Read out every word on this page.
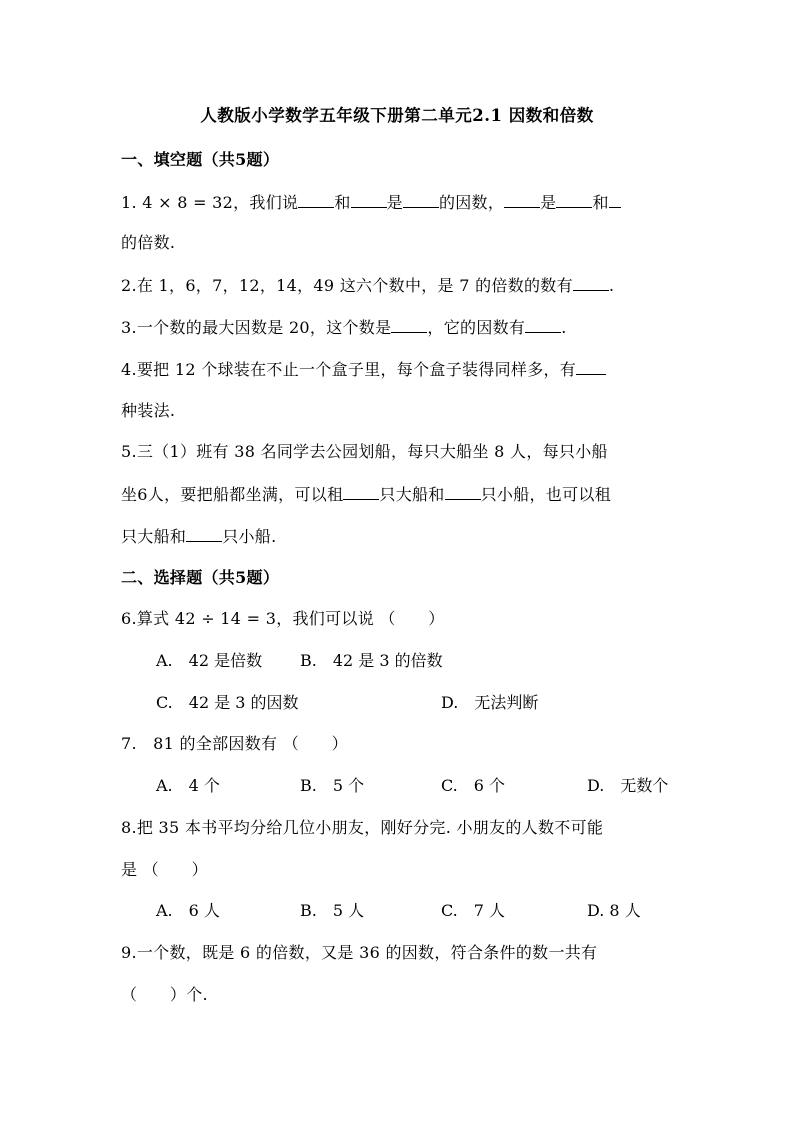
人教版小学数学五年级下册第二单元2.1 因数和倍数
一、填空题（共5题）
1. 4 × 8 = 32，我们说 和 是 的因数， 是 和
的倍数.
2.在 1，6，7，12，14，49 这六个数中，是 7 的倍数的数有 .
3.一个数的最大因数是 20，这个数是 ，它的因数有 .
4.要把 12 个球装在不止一个盒子里，每个盒子装得同样多，有
种装法.
5.三（1）班有 38 名同学去公园划船，每只大船坐 8 人，每只小船
坐6人，要把船都坐满，可以租 只大船和 只小船，也可以租
只大船和 只小船.
二、选择题（共5题）
6.算式 42 ÷ 14 = 3，我们可以说 （　　）
A.　42 是倍数 B.　42 是 3 的倍数
C.　42 是 3 的因数	D.　无法判断
7.　81 的全部因数有 （　　）
A.　4 个	B.　5 个	C.　6 个	D.　无数个
8.把 35 本书平均分给几位小朋友，刚好分完. 小朋友的人数不可能
是 （　　）
A.　6 人	B.　5 人	C.　7 人	D. 8 人
9.一个数，既是 6 的倍数，又是 36 的因数，符合条件的数一共有
（　　）个.
